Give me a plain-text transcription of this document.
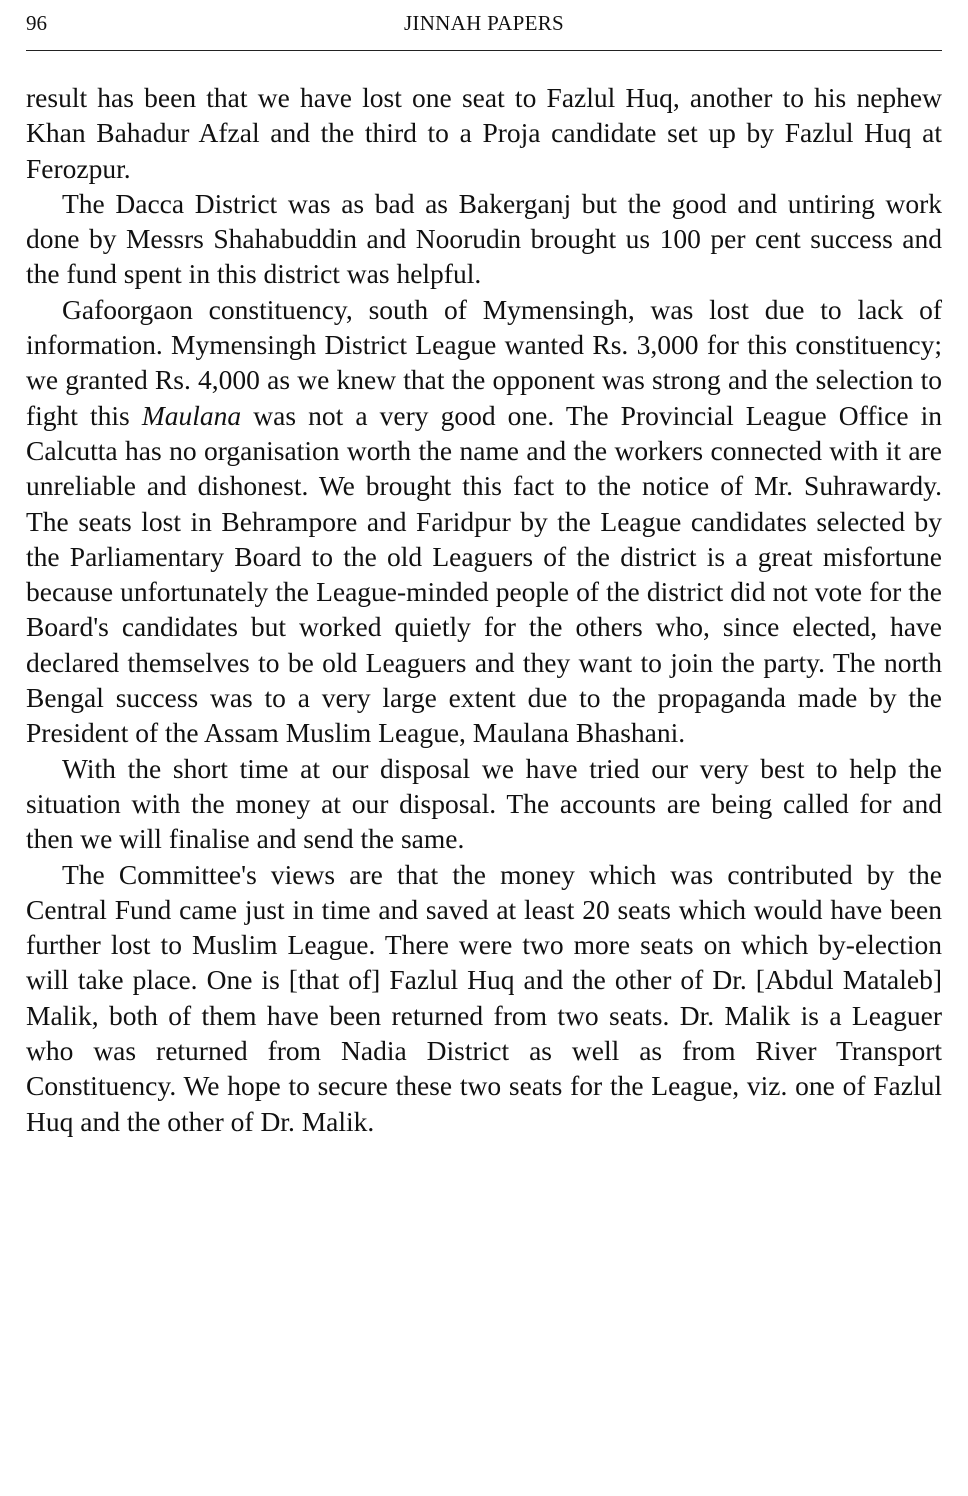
96	JINNAH PAPERS

result has been that we have lost one seat to Fazlul Huq, another to his nephew Khan Bahadur Afzal and the third to a Proja candidate set up by Fazlul Huq at Ferozpur.

The Dacca District was as bad as Bakerganj but the good and untiring work done by Messrs Shahabuddin and Noorudin brought us 100 per cent success and the fund spent in this district was helpful.

Gafoorgaon constituency, south of Mymensingh, was lost due to lack of information. Mymensingh District League wanted Rs. 3,000 for this constituency; we granted Rs. 4,000 as we knew that the opponent was strong and the selection to fight this Maulana was not a very good one. The Provincial League Office in Calcutta has no organisation worth the name and the workers connected with it are unreliable and dishonest. We brought this fact to the notice of Mr. Suhrawardy. The seats lost in Behrampore and Faridpur by the League candidates selected by the Parliamentary Board to the old Leaguers of the district is a great misfortune because unfortunately the League-minded people of the district did not vote for the Board's candidates but worked quietly for the others who, since elected, have declared themselves to be old Leaguers and they want to join the party. The north Bengal success was to a very large extent due to the propaganda made by the President of the Assam Muslim League, Maulana Bhashani.

With the short time at our disposal we have tried our very best to help the situation with the money at our disposal. The accounts are being called for and then we will finalise and send the same.

The Committee's views are that the money which was contributed by the Central Fund came just in time and saved at least 20 seats which would have been further lost to Muslim League. There were two more seats on which by-election will take place. One is [that of] Fazlul Huq and the other of Dr. [Abdul Mataleb] Malik, both of them have been returned from two seats. Dr. Malik is a Leaguer who was returned from Nadia District as well as from River Transport Constituency. We hope to secure these two seats for the League, viz. one of Fazlul Huq and the other of Dr. Malik.
